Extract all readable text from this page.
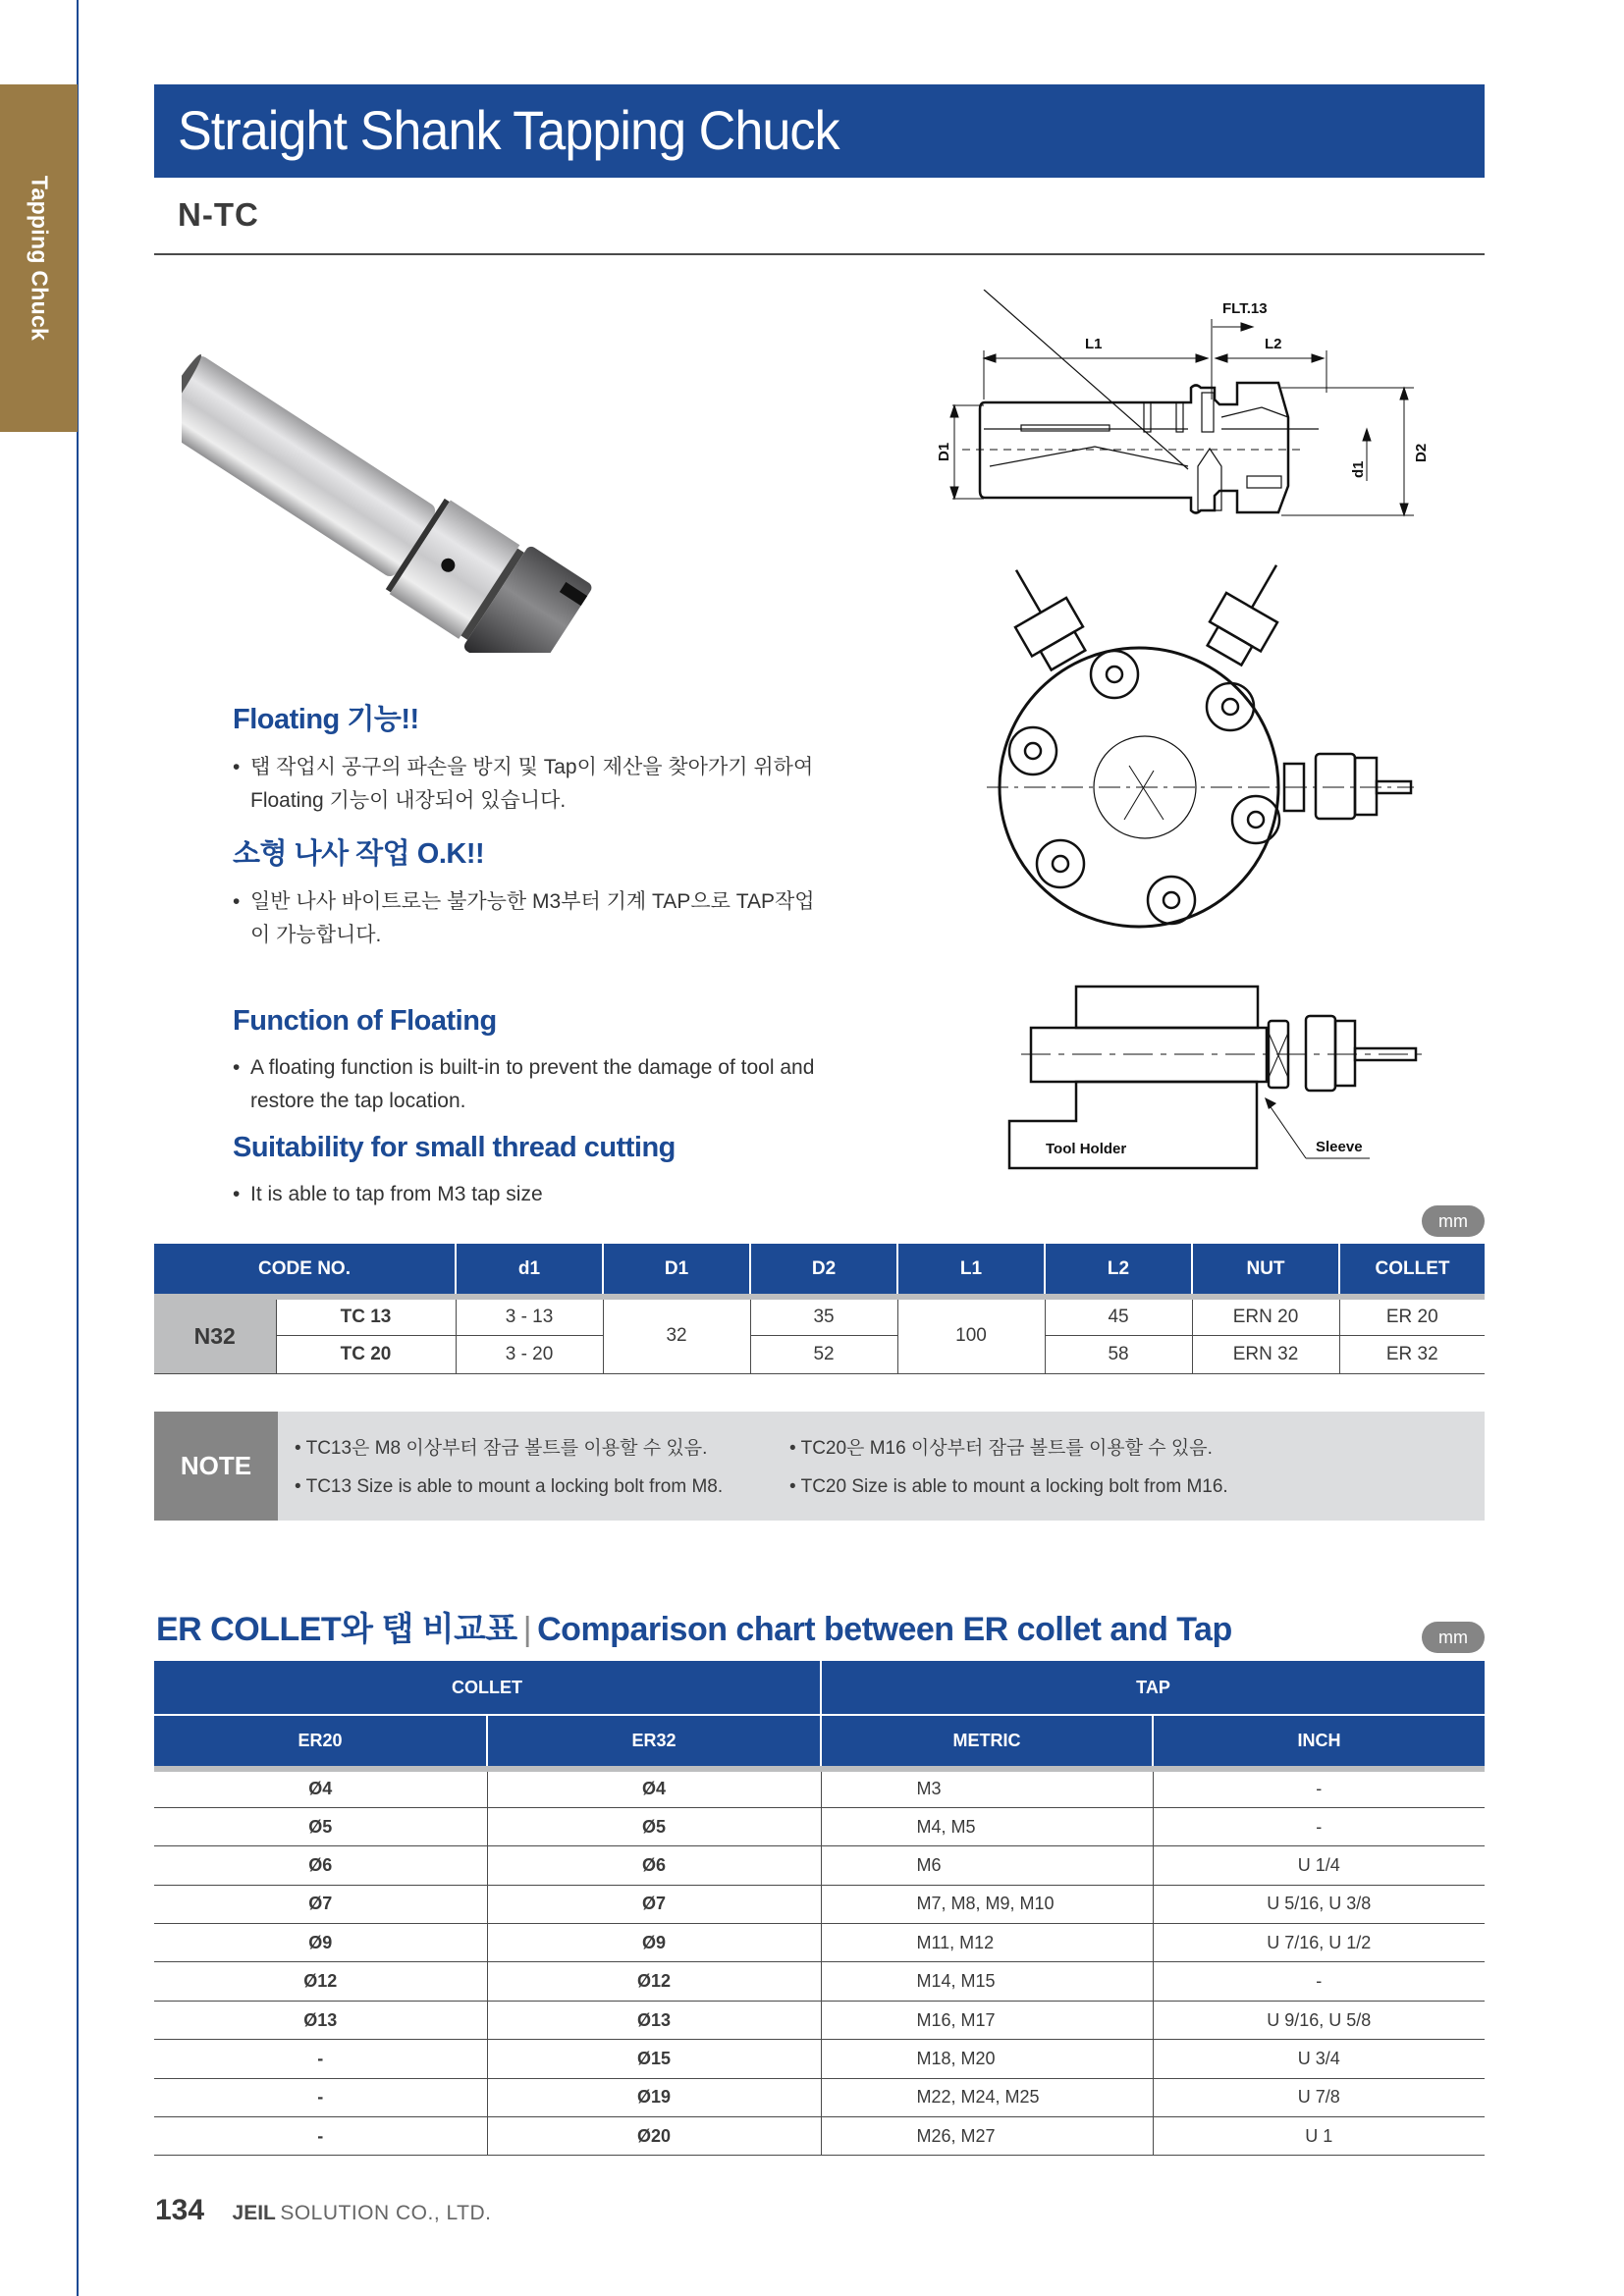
Tapping Chuck
Straight Shank Tapping Chuck
N-TC
FLT.13
L1	L2
D1
d1
D2
Tool Holder	Sleeve
Floating 기능!!
• 탭 작업시 공구의 파손을 방지 및 Tap이 제산을 찾아가기 위하여 Floating 기능이 내장되어 있습니다.
소형 나사 작업 O.K!!
• 일반 나사 바이트로는 불가능한 M3부터 기계 TAP으로 TAP작업이 가능합니다.
Function of Floating
• A floating function is built-in to prevent the damage of tool and restore the tap location.
Suitability for small thread cutting
• It is able to tap from M3 tap size
mm
CODE NO.		d1	D1	D2	L1	L2	NUT	COLLET
N32	TC 13	3 - 13	32	35	100	45	ERN 20	ER 20
	TC 20	3 - 20		52		58	ERN 32	ER 32
NOTE
• TC13은 M8 이상부터 잠금 볼트를 이용할 수 있음.	• TC20은 M16 이상부터 잠금 볼트를 이용할 수 있음.
• TC13 Size is able to mount a locking bolt from M8.	• TC20 Size is able to mount a locking bolt from M16.
ER COLLET와 탭 비교표 | Comparison chart between ER collet and Tap	mm
COLLET		TAP	
ER20	ER32	METRIC	INCH
Ø4	Ø4	M3	-
Ø5	Ø5	M4, M5	-
Ø6	Ø6	M6	U 1/4
Ø7	Ø7	M7, M8, M9, M10	U 5/16, U 3/8
Ø9	Ø9	M11, M12	U 7/16, U 1/2
Ø12	Ø12	M14, M15	-
Ø13	Ø13	M16, M17	U 9/16, U 5/8
-	Ø15	M18, M20	U 3/4
-	Ø19	M22, M24, M25	U 7/8
-	Ø20	M26, M27	U 1
134 JEIL SOLUTION CO., LTD.
